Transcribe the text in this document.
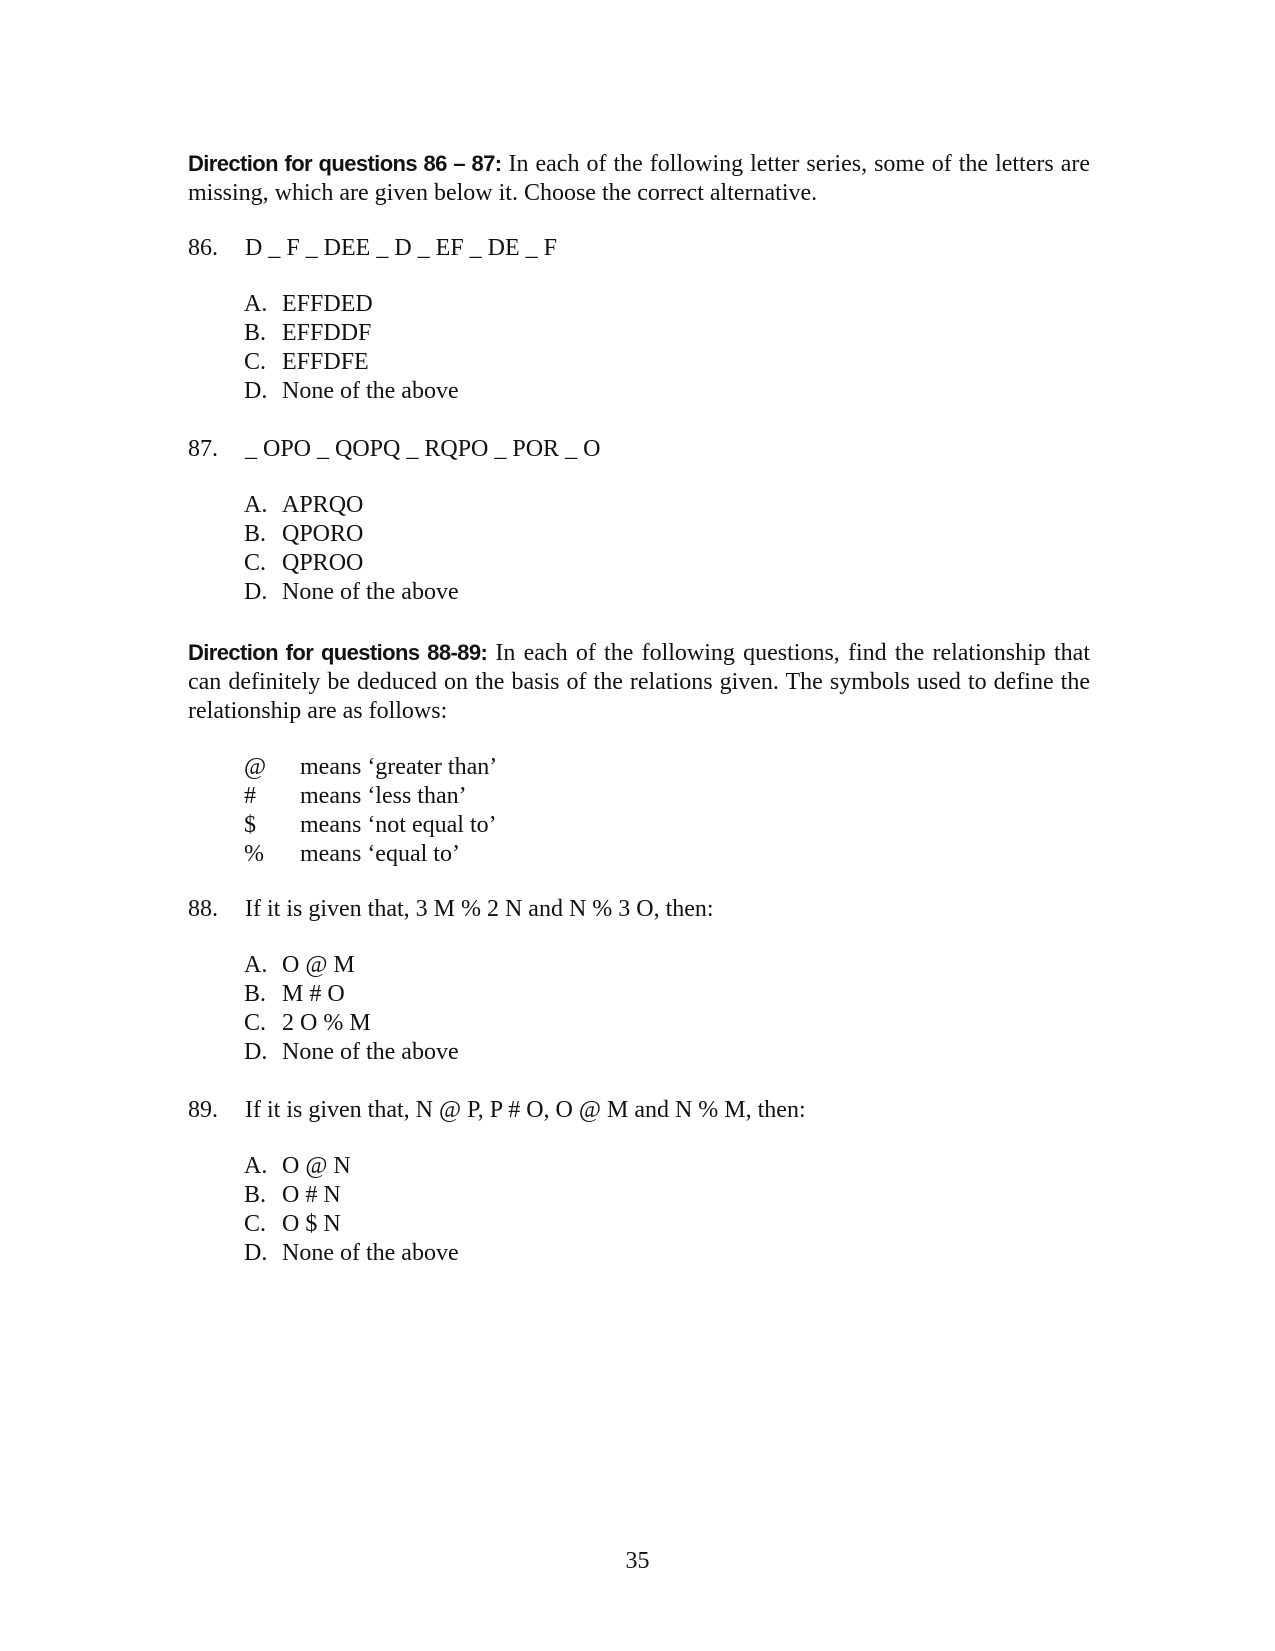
Direction for questions 86 – 87: In each of the following letter series, some of the letters are missing, which are given below it. Choose the correct alternative.
86. D _ F _ DEE _ D _ EF _ DE _ F
A. EFFDED
B. EFFDDF
C. EFFDFE
D. None of the above
87. _ OPO _ QOPQ _ RQPO _ POR _ O
A. APRQO
B. QPORO
C. QPROO
D. None of the above
Direction for questions 88-89: In each of the following questions, find the relationship that can definitely be deduced on the basis of the relations given. The symbols used to define the relationship are as follows:
@ means ‘greater than’
# means ‘less than’
$ means ‘not equal to’
% means ‘equal to’
88. If it is given that, 3 M % 2 N and N % 3 O, then:
A. O @ M
B. M # O
C. 2 O % M
D. None of the above
89. If it is given that, N @ P, P # O, O @ M and N % M, then:
A. O @ N
B. O # N
C. O $ N
D. None of the above
35
